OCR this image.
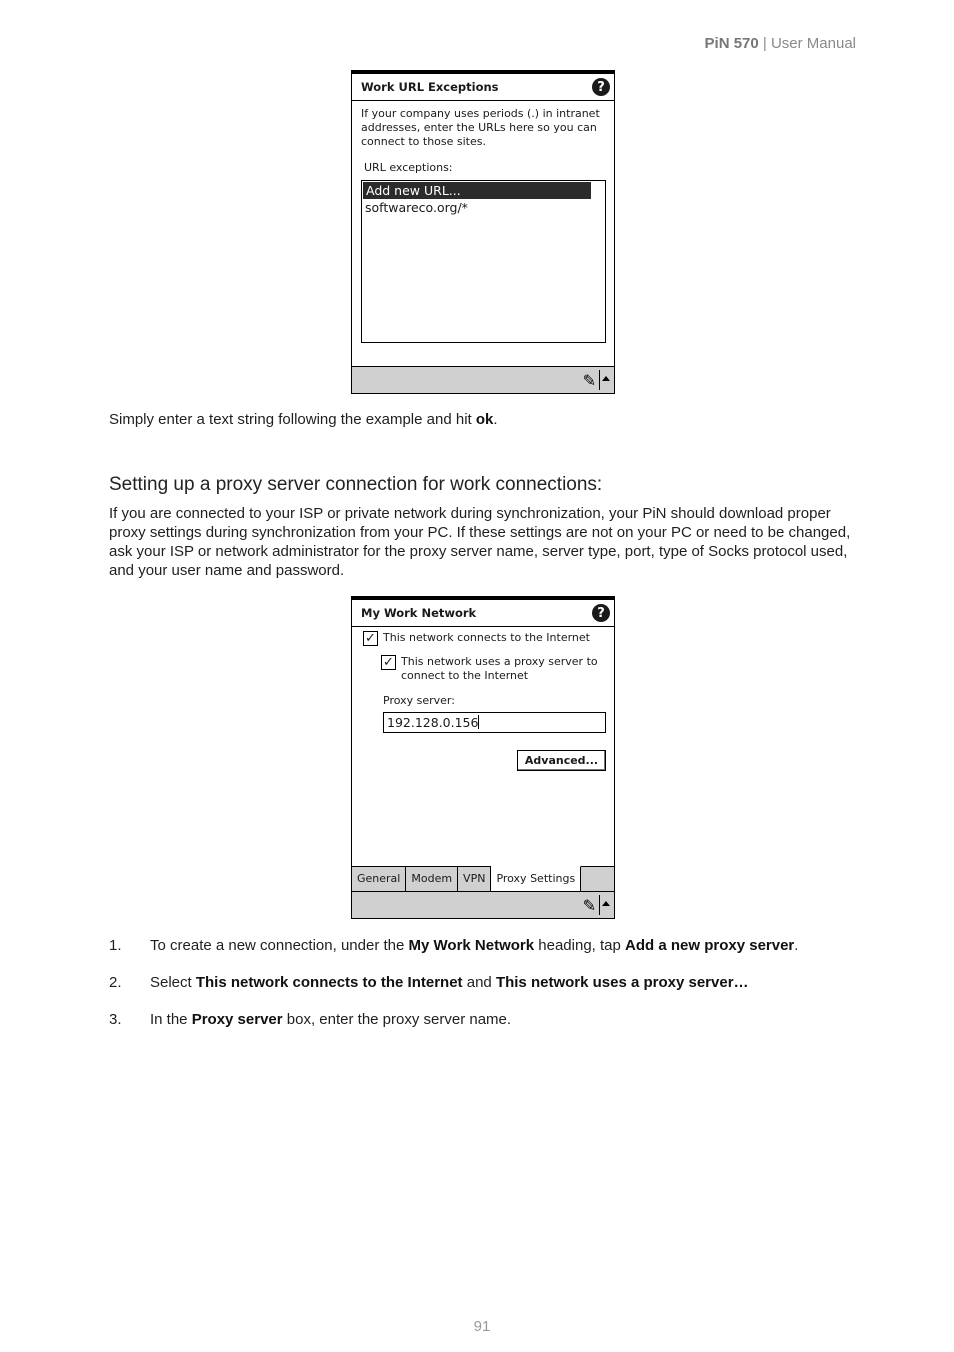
PiN 570 | User Manual
Work URL Exceptions	?
If your company uses periods (.) in intranet addresses, enter the URLs here so you can connect to those sites.
URL exceptions:
Add new URL...
softwareco.org/*
✎
Simply enter a text string following the example and hit ok.
Setting up a proxy server connection for work connections:
If you are connected to your ISP or private network during synchronization, your PiN should download proper proxy settings during synchronization from your PC. If these settings are not on your PC or need to be changed, ask your ISP or network administrator for the proxy server name, server type, port, type of Socks protocol used, and your user name and password.
My Work Network	?
✓ This network connects to the Internet
✓ This network uses a proxy server to
connect to the Internet
Proxy server:
192.128.0.156
Advanced...
General	Modem	VPN	Proxy Settings
✎
1. To create a new connection, under the My Work Network heading, tap Add a new proxy server.
2. Select This network connects to the Internet and This network uses a proxy server…
3. In the Proxy server box, enter the proxy server name.
91
